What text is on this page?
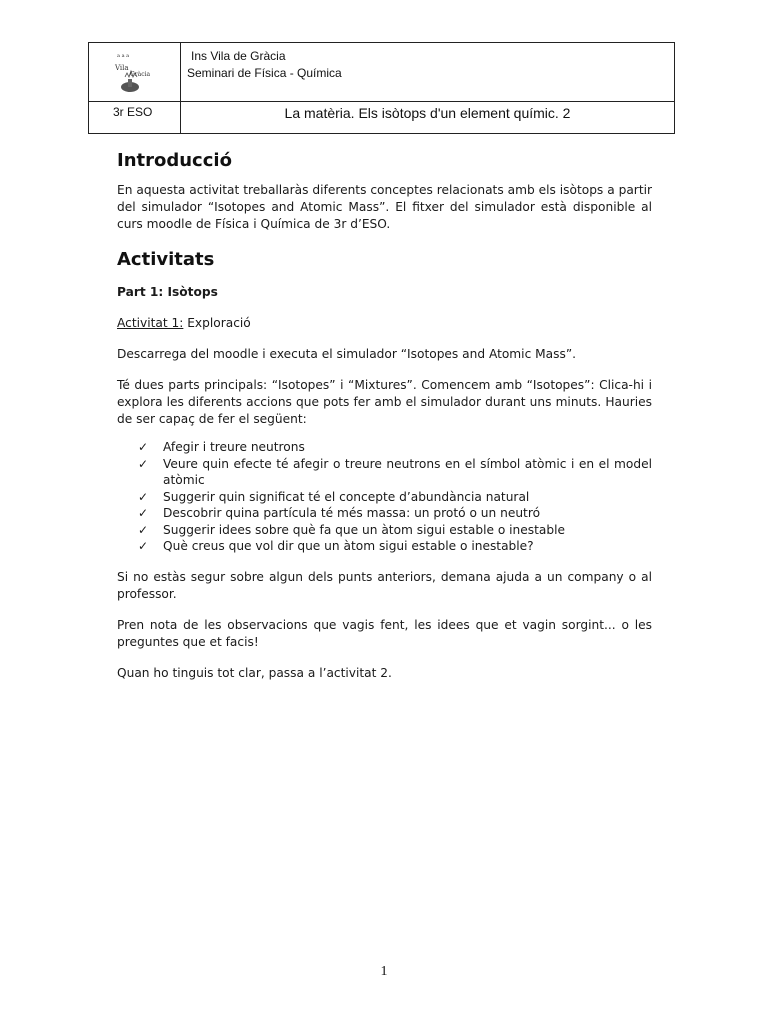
a a a
Vila
Gràcia
Ins Vila de Gràcia
Seminari de Física - Química
3r ESO	La matèria. Els isòtops d'un element químic. 2
Introducció

En aquesta activitat treballaràs diferents conceptes relacionats amb els isòtops a partir del simulador “Isotopes and Atomic Mass”. El fitxer del simulador està disponible al curs moodle de Física i Química de 3r d’ESO.

Activitats

Part 1: Isòtops

Activitat 1: Exploració

Descarrega del moodle i executa el simulador “Isotopes and Atomic Mass”.

Té dues parts principals: “Isotopes” i “Mixtures”. Comencem amb “Isotopes”: Clica-hi i explora les diferents accions que pots fer amb el simulador durant uns minuts. Hauries de ser capaç de fer el següent:

✓ Afegir i treure neutrons
✓ Veure quin efecte té afegir o treure neutrons en el símbol atòmic i en el model atòmic
✓ Suggerir quin significat té el concepte d’abundància natural
✓ Descobrir quina partícula té més massa: un protó o un neutró
✓ Suggerir idees sobre què fa que un àtom sigui estable o inestable
✓ Què creus que vol dir que un àtom sigui estable o inestable?

Si no estàs segur sobre algun dels punts anteriors, demana ajuda a un company o al professor.

Pren nota de les observacions que vagis fent, les idees que et vagin sorgint... o les preguntes que et facis!

Quan ho tinguis tot clar, passa a l’activitat 2.

1
